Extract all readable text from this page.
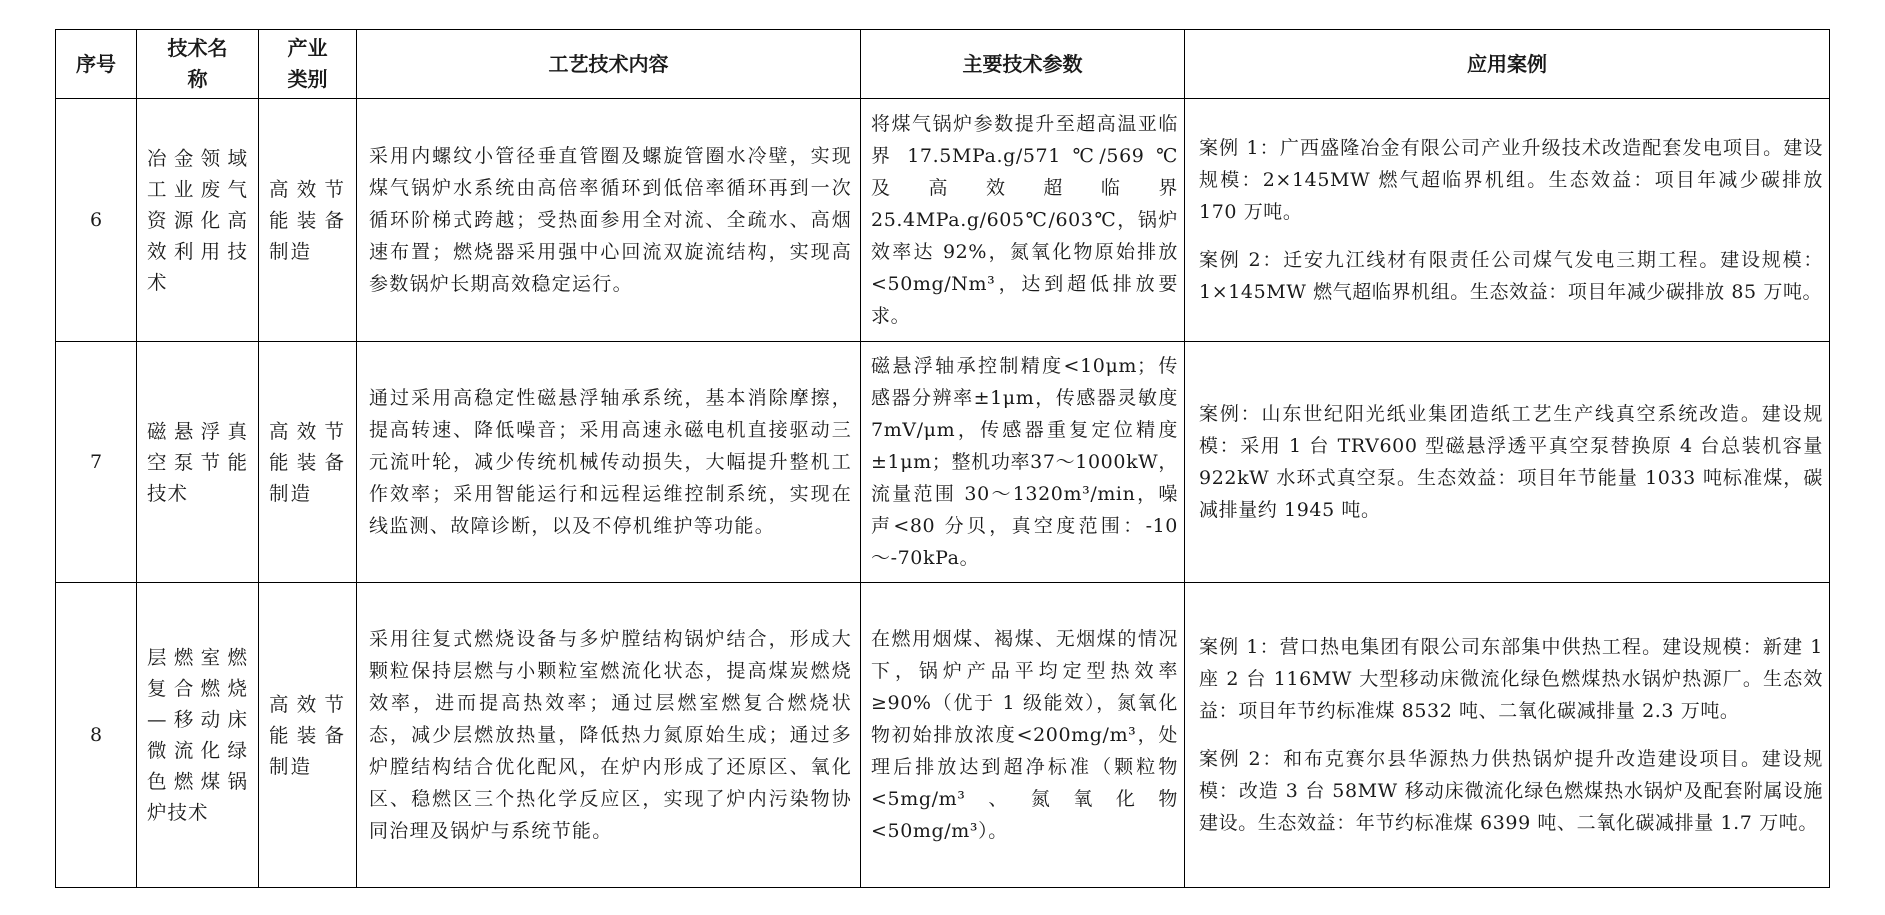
序号	技术名称	产业类别	工艺技术内容	主要技术参数	应用案例
6	冶金领域工业废气资源化高效利用技术	高效节能装备制造	采用内螺纹小管径垂直管圈及螺旋管圈水冷壁，实现煤气锅炉水系统由高倍率循环到低倍率循环再到一次循环阶梯式跨越；受热面参用全对流、全疏水、高烟速布置；燃烧器采用强中心回流双旋流结构，实现高参数锅炉长期高效稳定运行。	将煤气锅炉参数提升至超高温亚临界 17.5MPa.g/571 ℃/569 ℃ 及高效超临界25.4MPa.g/605℃/603℃，锅炉效率达 92%，氮氧化物原始排放<50mg/Nm³，达到超低排放要求。	案例 1：广西盛隆冶金有限公司产业升级技术改造配套发电项目。建设规模：2×145MW 燃气超临界机组。生态效益：项目年减少碳排放 170 万吨。

案例 2：迁安九江线材有限责任公司煤气发电三期工程。建设规模：1×145MW 燃气超临界机组。生态效益：项目年减少碳排放 85 万吨。

7	磁悬浮真空泵节能技术	高效节能装备制造	通过采用高稳定性磁悬浮轴承系统，基本消除摩擦，提高转速、降低噪音；采用高速永磁电机直接驱动三元流叶轮，减少传统机械传动损失，大幅提升整机工作效率；采用智能运行和远程运维控制系统，实现在线监测、故障诊断，以及不停机维护等功能。	磁悬浮轴承控制精度<10μm；传感器分辨率±1μm，传感器灵敏度 7mV/μm，传感器重复定位精度±1μm；整机功率37～1000kW，流量范围 30～1320m³/min，噪声<80 分贝，真空度范围：-10～-70kPa。	案例：山东世纪阳光纸业集团造纸工艺生产线真空系统改造。建设规模：采用 1 台 TRV600 型磁悬浮透平真空泵替换原 4 台总装机容量 922kW 水环式真空泵。生态效益：项目年节能量 1033 吨标准煤，碳减排量约 1945 吨。

8	层燃室燃复合燃烧—移动床微流化绿色燃煤锅炉技术	高效节能装备制造	采用往复式燃烧设备与多炉膛结构锅炉结合，形成大颗粒保持层燃与小颗粒室燃流化状态，提高煤炭燃烧效率，进而提高热效率；通过层燃室燃复合燃烧状态，减少层燃放热量，降低热力氮原始生成；通过多炉膛结构结合优化配风，在炉内形成了还原区、氧化区、稳燃区三个热化学反应区，实现了炉内污染物协同治理及锅炉与系统节能。	在燃用烟煤、褐煤、无烟煤的情况下，锅炉产品平均定型热效率≥90%（优于 1 级能效），氮氧化物初始排放浓度<200mg/m³，处理后排放达到超净标准（颗粒物<5mg/m³、氮氧化物<50mg/m³）。	案例 1：营口热电集团有限公司东部集中供热工程。建设规模：新建 1 座 2 台 116MW 大型移动床微流化绿色燃煤热水锅炉热源厂。生态效益：项目年节约标准煤 8532 吨、二氧化碳减排量 2.3 万吨。

案例 2：和布克赛尔县华源热力供热锅炉提升改造建设项目。建设规模：改造 3 台 58MW 移动床微流化绿色燃煤热水锅炉及配套附属设施建设。生态效益：年节约标准煤 6399 吨、二氧化碳减排量 1.7 万吨。
